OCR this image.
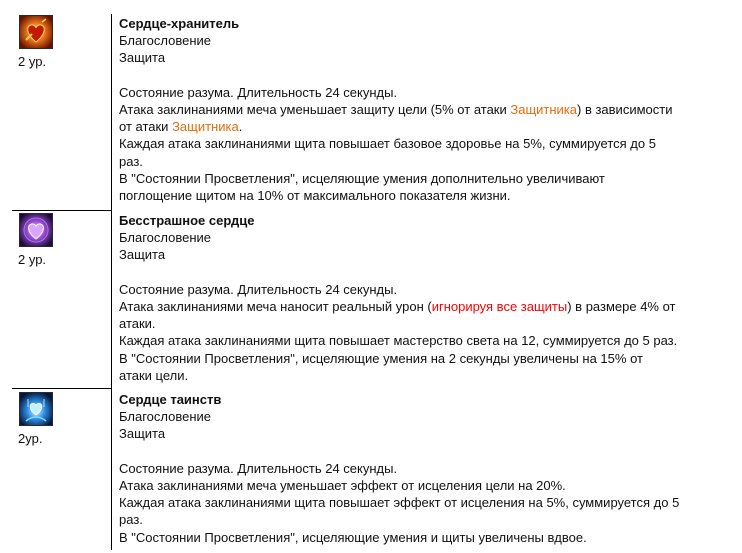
2 ур.
Сердце-хранитель
Благословение
Защита
Состояние разума. Длительность 24 секунды.
Атака заклинаниями меча уменьшает защиту цели (5% от атаки Защитника) в зависимости
от атаки Защитника.
Каждая атака заклинаниями щита повышает базовое здоровье на 5%, суммируется до 5
раз.
В "Состоянии Просветления", исцеляющие умения дополнительно увеличивают
поглощение щитом на 10% от максимального показателя жизни.
2 ур.
Бесстрашное сердце
Благословение
Защита
Состояние разума. Длительность 24 секунды.
Атака заклинаниями меча наносит реальный урон (игнорируя все защиты) в размере 4% от
атаки.
Каждая атака заклинаниями щита повышает мастерство света на 12, суммируется до 5 раз.
В "Состоянии Просветления", исцеляющие умения на 2 секунды увеличены на 15% от
атаки цели.
2ур.
Сердце таинств
Благословение
Защита
Состояние разума. Длительность 24 секунды.
Атака заклинаниями меча уменьшает эффект от исцеления цели на 20%.
Каждая атака заклинаниями щита повышает эффект от исцеления на 5%, суммируется до 5
раз.
В "Состоянии Просветления", исцеляющие умения и щиты увеличены вдвое.
